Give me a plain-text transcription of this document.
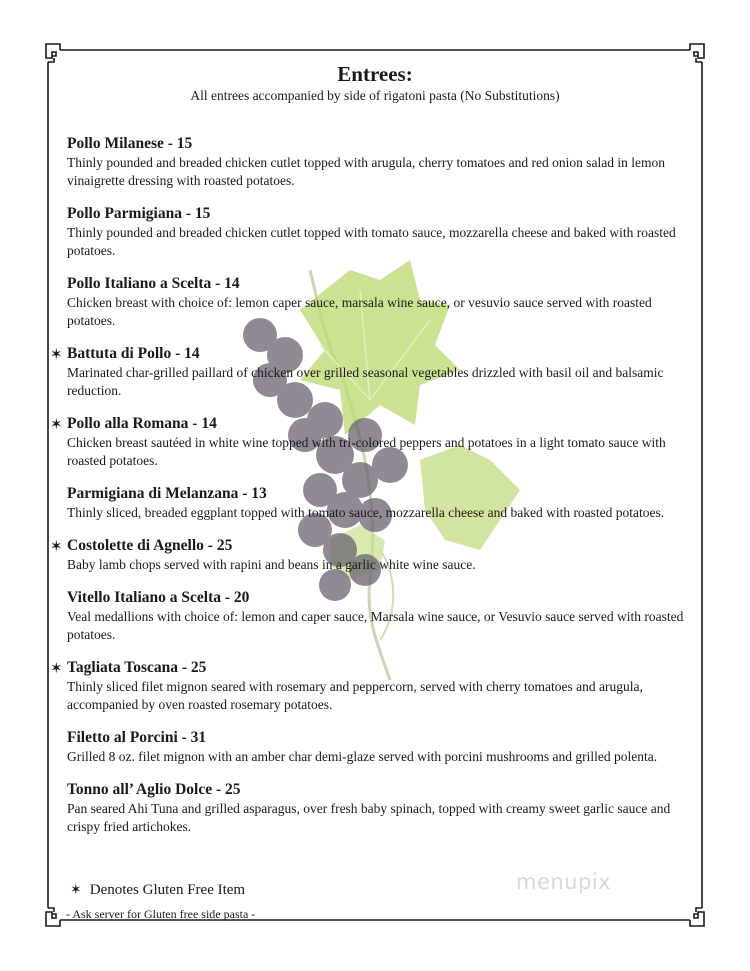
Entrees:
All entrees accompanied by side of rigatoni pasta (No Substitutions)
Pollo Milanese - 15
Thinly pounded and breaded chicken cutlet topped with arugula, cherry tomatoes and red onion salad in lemon vinaigrette dressing with roasted potatoes.
Pollo Parmigiana - 15
Thinly pounded and breaded chicken cutlet topped with tomato sauce, mozzarella cheese and baked with roasted potatoes.
Pollo Italiano a Scelta - 14
Chicken breast with choice of: lemon caper sauce, marsala wine sauce, or vesuvio sauce served with roasted potatoes.
✶ Battuta di Pollo - 14
Marinated char-grilled paillard of chicken over grilled seasonal vegetables drizzled with basil oil and balsamic reduction.
✶ Pollo alla Romana - 14
Chicken breast sautéed in white wine topped with tri-colored peppers and potatoes in a light tomato sauce with roasted potatoes.
Parmigiana di Melanzana - 13
Thinly sliced, breaded eggplant topped with tomato sauce, mozzarella cheese and baked with roasted potatoes.
✶ Costolette di Agnello - 25
Baby lamb chops served with rapini and beans in a garlic white wine sauce.
Vitello Italiano a Scelta - 20
Veal medallions with choice of: lemon and caper sauce, Marsala wine sauce, or Vesuvio sauce served with roasted potatoes.
✶ Tagliata Toscana - 25
Thinly sliced filet mignon seared with rosemary and peppercorn, served with cherry tomatoes and arugula, accompanied by oven roasted rosemary potatoes.
Filetto al Porcini - 31
Grilled 8 oz. filet mignon with an amber char demi-glaze served with porcini mushrooms and grilled polenta.
Tonno all’ Aglio Dolce - 25
Pan seared Ahi Tuna and grilled asparagus, over fresh baby spinach, topped with creamy sweet garlic sauce and crispy fried artichokes.
✶ Denotes Gluten Free Item
- Ask server for Gluten free side pasta -
menupix
